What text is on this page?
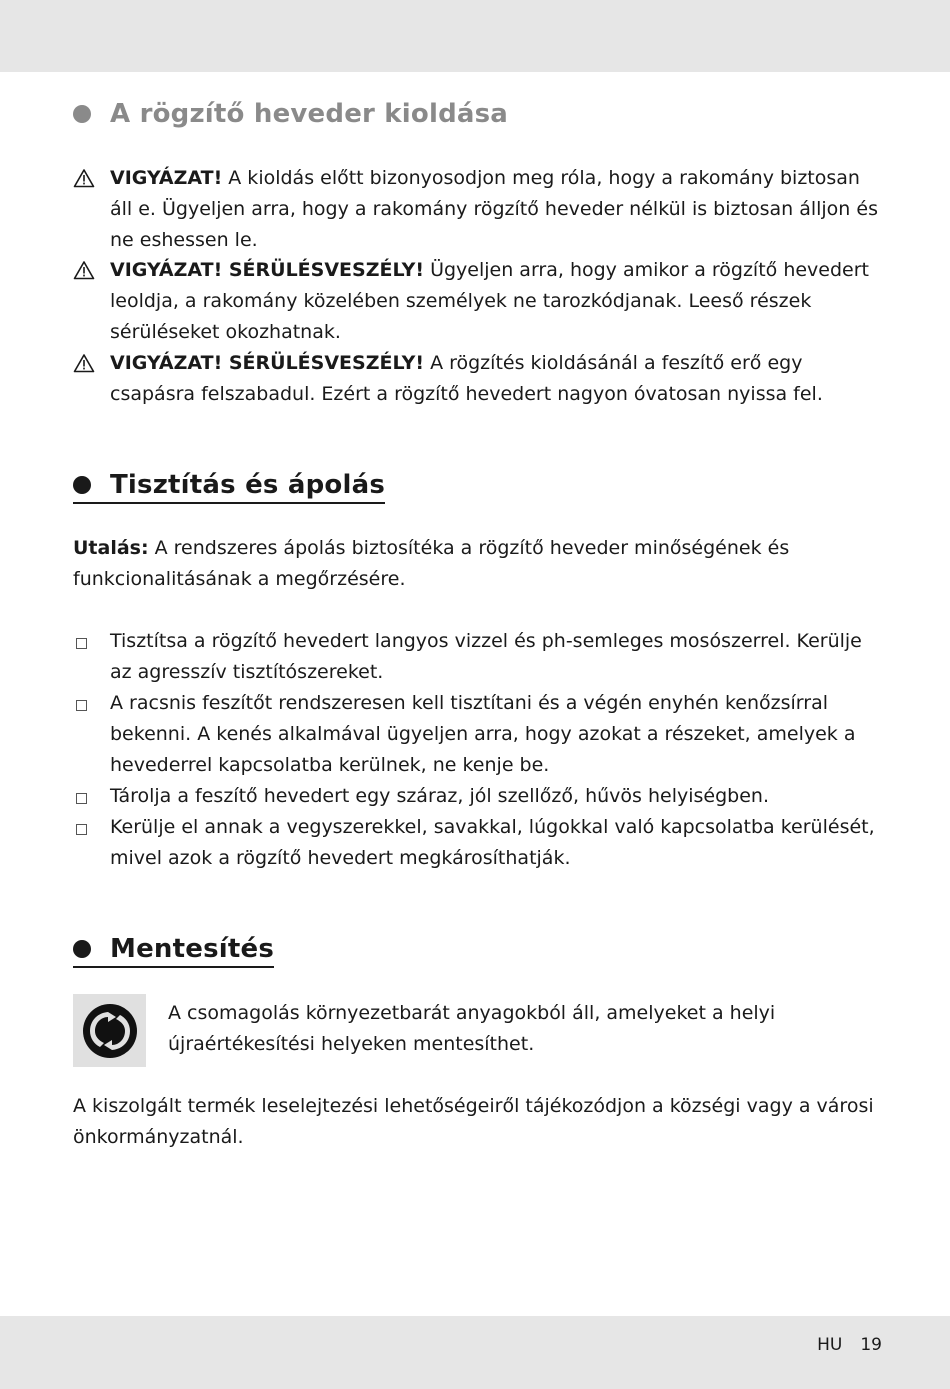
A rögzítő heveder kioldása
VIGYÁZAT! A kioldás előtt bizonyosodjon meg róla, hogy a rakomány biztosan áll e. Ügyeljen arra, hogy a rakomány rögzítő heveder nélkül is biztosan álljon és ne eshessen le.
VIGYÁZAT! SÉRÜLÉSVESZÉLY! Ügyeljen arra, hogy amikor a rögzítő hevedert leoldja, a rakomány közelében személyek ne tarozkódjanak. Leeső részek sérüléseket okozhatnak.
VIGYÁZAT! SÉRÜLÉSVESZÉLY! A rögzítés kioldásánál a feszítő erő egy csapásra felszabadul. Ezért a rögzítő hevedert nagyon óvatosan nyissa fel.
Tisztítás és ápolás
Utalás: A rendszeres ápolás biztosítéka a rögzítő heveder minőségének és funkcionalitásának a megőrzésére.
Tisztítsa a rögzítő hevedert langyos vizzel és ph-semleges mosószerrel. Kerülje az agresszív tisztítószereket.
A racsnis feszítőt rendszeresen kell tisztítani és a végén enyhén kenőzsírral bekenni. A kenés alkalmával ügyeljen arra, hogy azokat a részeket, amelyek a hevederrel kapcsolatba kerülnek, ne kenje be.
Tárolja a feszítő hevedert egy száraz, jól szellőző, hűvös helyiségben.
Kerülje el annak a vegyszerekkel, savakkal, lúgokkal való kapcsolatba kerülését, mivel azok a rögzítő hevedert megkárosíthatják.
Mentesítés
A csomagolás környezetbarát anyagokból áll, amelyeket a helyi újraértékesítési helyeken mentesíthet.
A kiszolgált termék leselejtezési lehetőségeiről tájékozódjon a községi vagy a városi önkormányzatnál.
HU 19
